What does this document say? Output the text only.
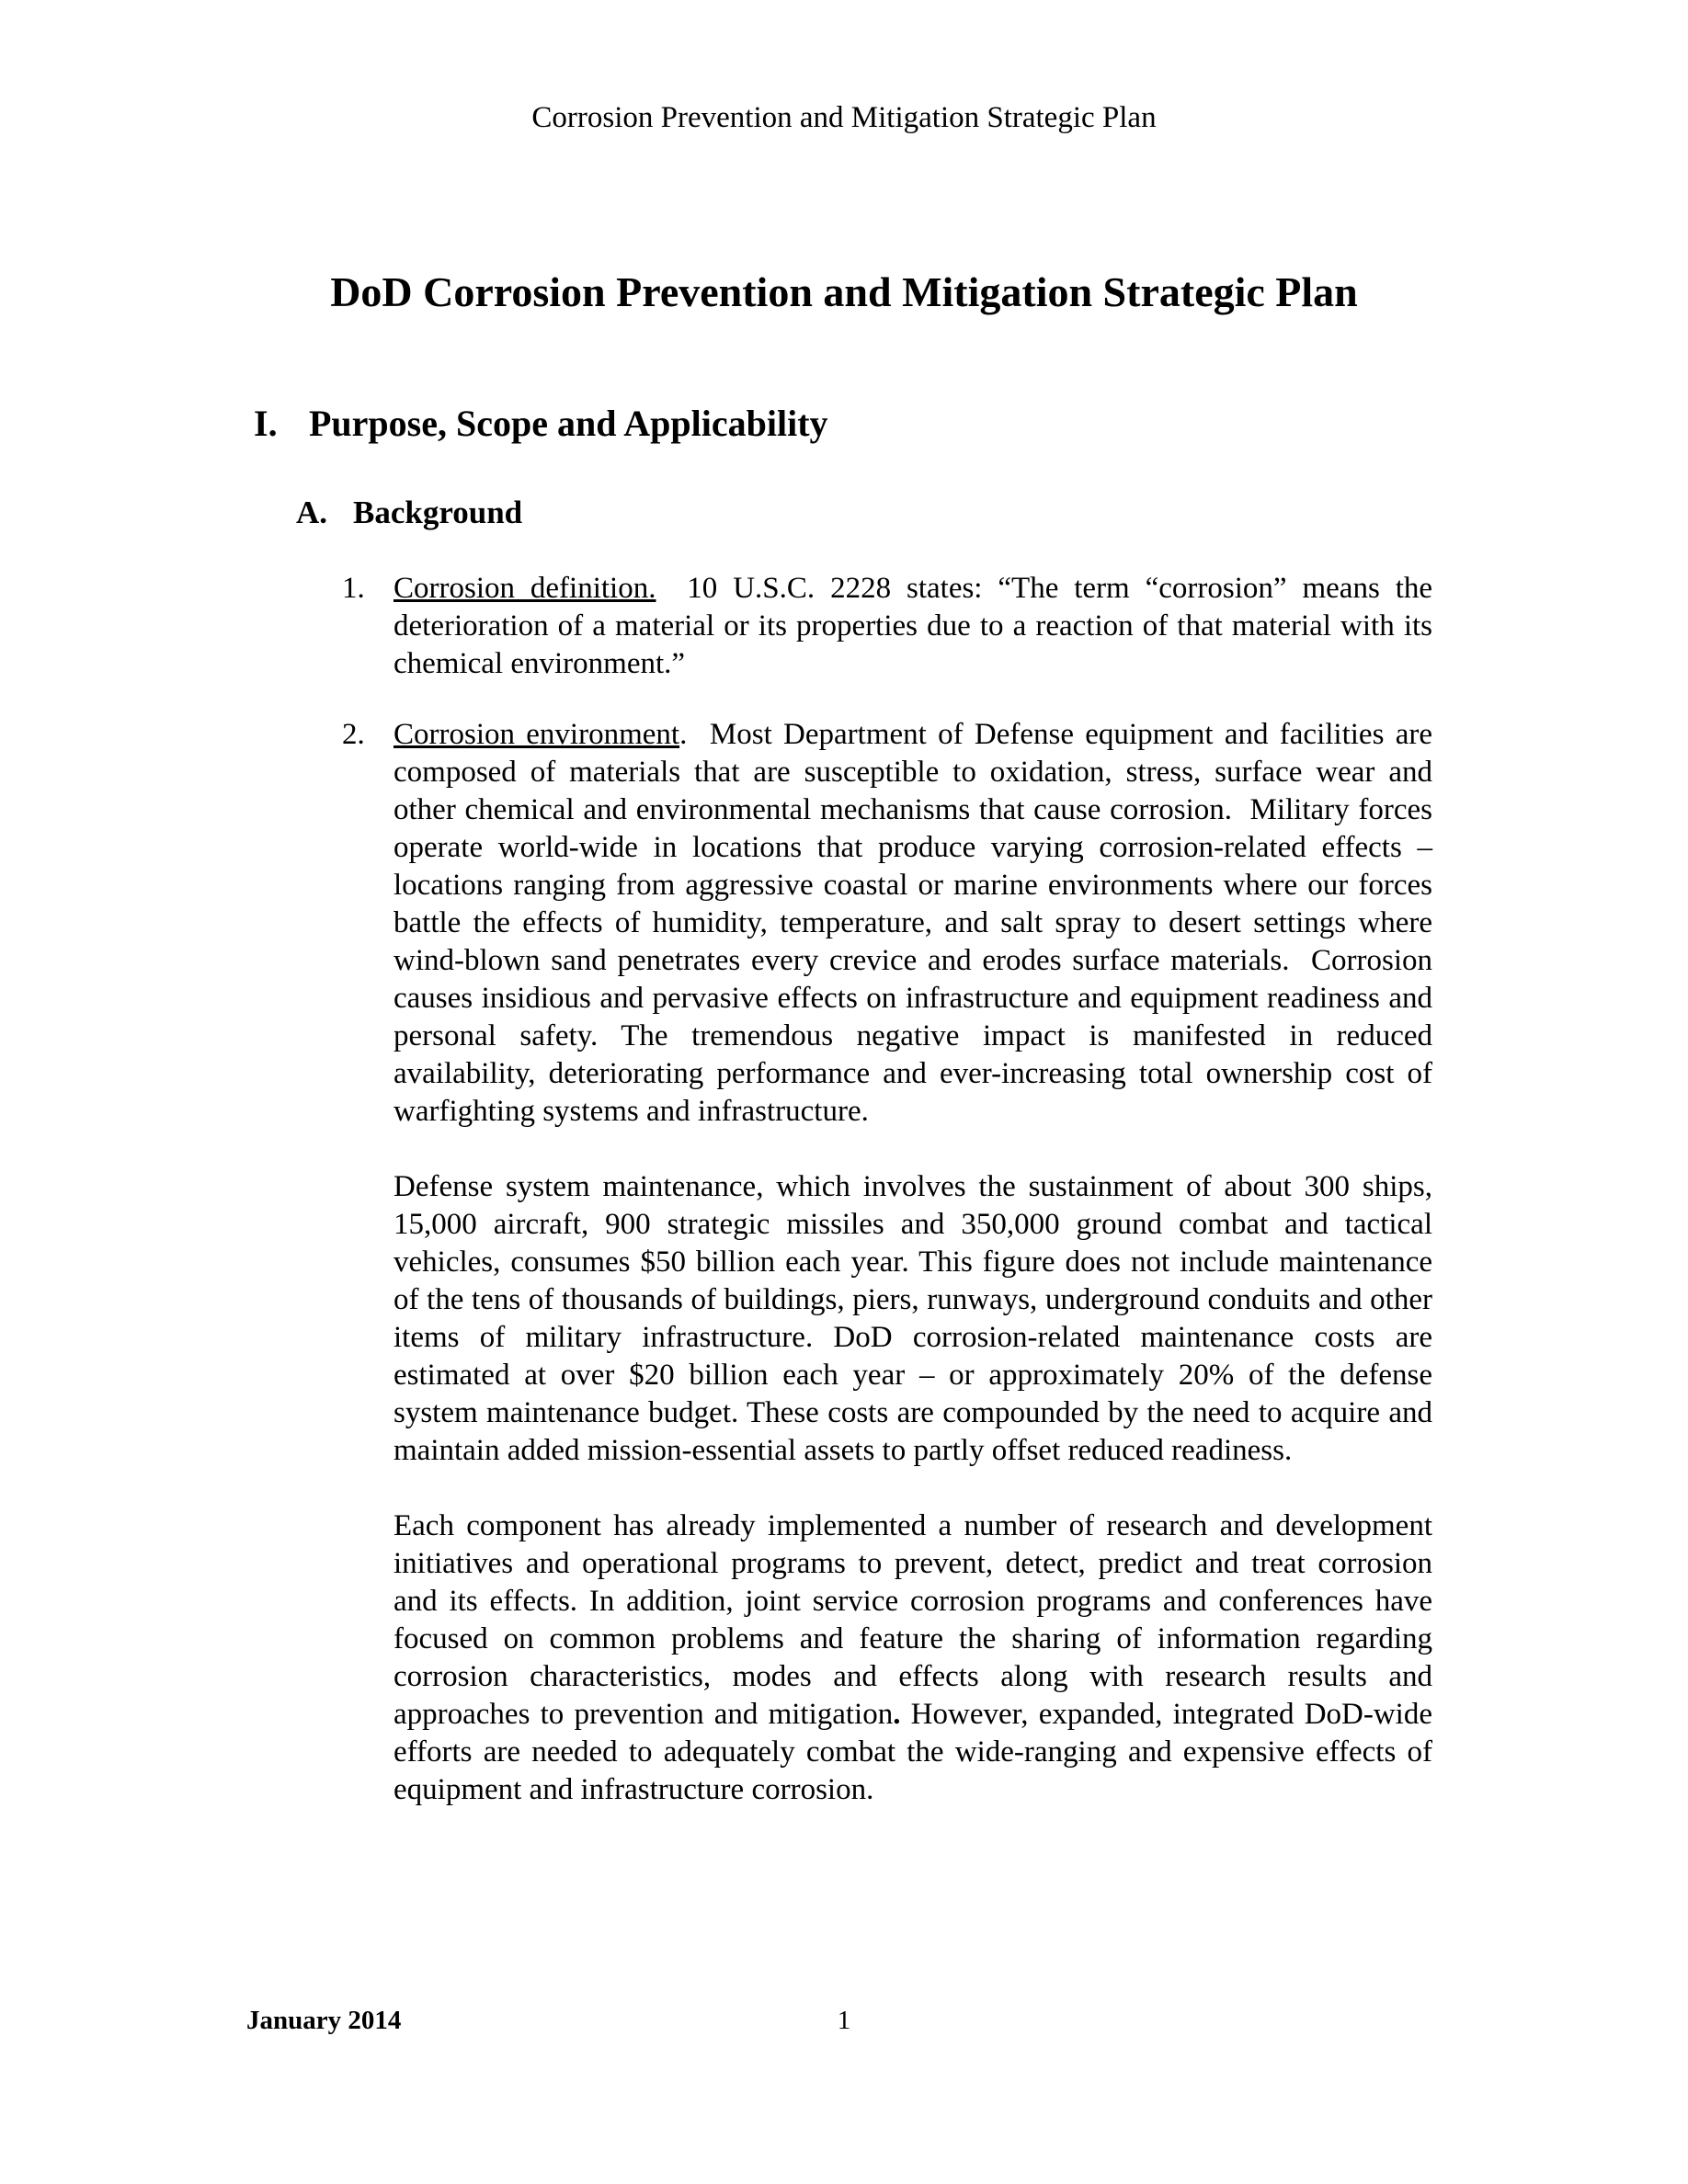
Corrosion Prevention and Mitigation Strategic Plan
DoD Corrosion Prevention and Mitigation Strategic Plan
I. Purpose, Scope and Applicability
A. Background
1. Corrosion definition.  10 U.S.C. 2228 states: “The term “corrosion” means the deterioration of a material or its properties due to a reaction of that material with its chemical environment.”

2. Corrosion environment.  Most Department of Defense equipment and facilities are composed of materials that are susceptible to oxidation, stress, surface wear and other chemical and environmental mechanisms that cause corrosion.  Military forces operate world-wide in locations that produce varying corrosion-related effects – locations ranging from aggressive coastal or marine environments where our forces battle the effects of humidity, temperature, and salt spray to desert settings where wind-blown sand penetrates every crevice and erodes surface materials.  Corrosion causes insidious and pervasive effects on infrastructure and equipment readiness and personal safety. The tremendous negative impact is manifested in reduced availability, deteriorating performance and ever-increasing total ownership cost of warfighting systems and infrastructure.

Defense system maintenance, which involves the sustainment of about 300 ships, 15,000 aircraft, 900 strategic missiles and 350,000 ground combat and tactical vehicles, consumes $50 billion each year. This figure does not include maintenance of the tens of thousands of buildings, piers, runways, underground conduits and other items of military infrastructure. DoD corrosion-related maintenance costs are estimated at over $20 billion each year – or approximately 20% of the defense system maintenance budget. These costs are compounded by the need to acquire and maintain added mission-essential assets to partly offset reduced readiness.

Each component has already implemented a number of research and development initiatives and operational programs to prevent, detect, predict and treat corrosion and its effects. In addition, joint service corrosion programs and conferences have focused on common problems and feature the sharing of information regarding corrosion characteristics, modes and effects along with research results and approaches to prevention and mitigation. However, expanded, integrated DoD-wide efforts are needed to adequately combat the wide-ranging and expensive effects of equipment and infrastructure corrosion.

January 2014	1
